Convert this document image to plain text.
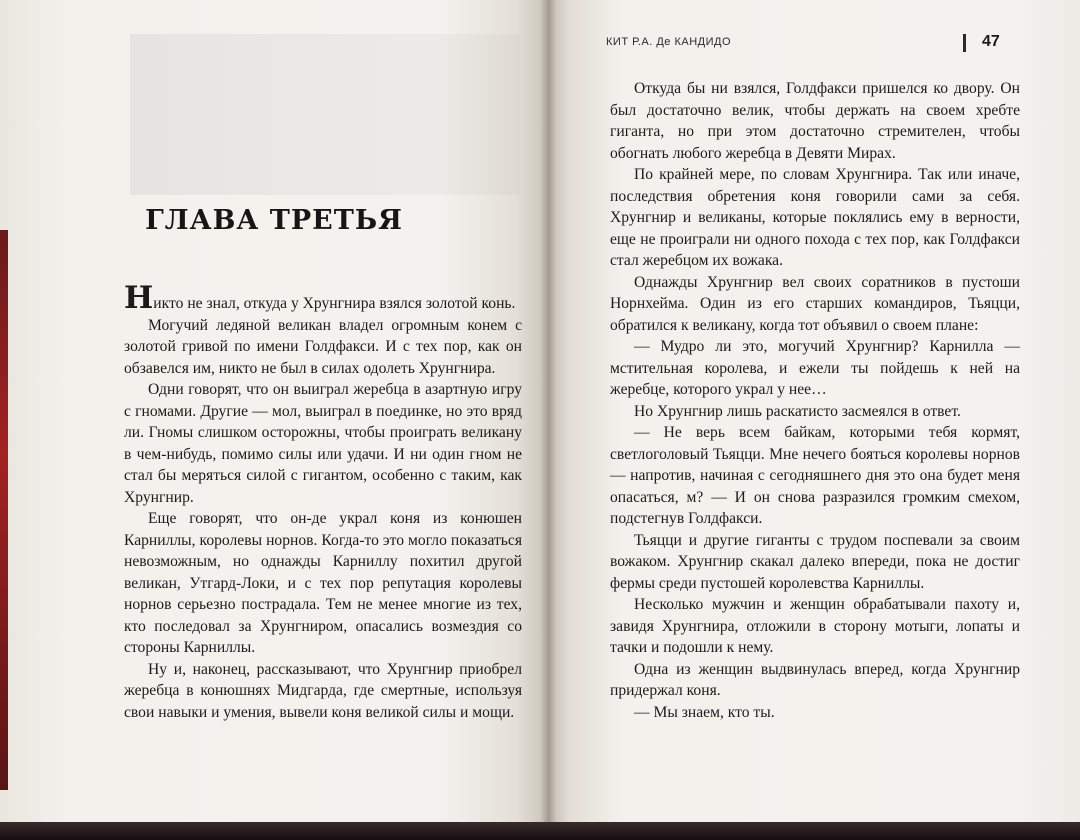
ГЛАВА ТРЕТЬЯ

Никто не знал, откуда у Хрунгнира взялся золотой конь.

Могучий ледяной великан владел огромным конем с золотой гривой по имени Голдфакси. И с тех пор, как он обзавелся им, никто не был в силах одолеть Хрунгнира.

Одни говорят, что он выиграл жеребца в азартную игру с гномами. Другие — мол, выиграл в поединке, но это вряд ли. Гномы слишком осторожны, чтобы проиграть великану в чем-нибудь, помимо силы или удачи. И ни один гном не стал бы меряться силой с гигантом, особенно с таким, как Хрунгнир.

Еще говорят, что он-де украл коня из конюшен Карниллы, королевы норнов. Когда-то это могло показаться невозможным, но однажды Карниллу похитил другой великан, Утгард-Локи, и с тех пор репутация королевы норнов серьезно пострадала. Тем не менее многие из тех, кто последовал за Хрунгниром, опасались возмездия со стороны Карниллы.

Ну и, наконец, рассказывают, что Хрунгнир приобрел жеребца в конюшнях Мидгарда, где смертные, используя свои навыки и умения, вывели коня великой силы и мощи.

КИТ Р.А. Де КАНДИДО	47

Откуда бы ни взялся, Голдфакси пришелся ко двору. Он был достаточно велик, чтобы держать на своем хребте гиганта, но при этом достаточно стремителен, чтобы обогнать любого жеребца в Девяти Мирах.

По крайней мере, по словам Хрунгнира. Так или иначе, последствия обретения коня говорили сами за себя. Хрунгнир и великаны, которые поклялись ему в верности, еще не проиграли ни одного похода с тех пор, как Голдфакси стал жеребцом их вожака.

Однажды Хрунгнир вел своих соратников в пустоши Норнхейма. Один из его старших командиров, Тьяцци, обратился к великану, когда тот объявил о своем плане:

— Мудро ли это, могучий Хрунгнир? Карнилла — мстительная королева, и ежели ты пойдешь к ней на жеребце, которого украл у нее…

Но Хрунгнир лишь раскатисто засмеялся в ответ.

— Не верь всем байкам, которыми тебя кормят, светлоголовый Тьяцци. Мне нечего бояться королевы норнов — напротив, начиная с сегодняшнего дня это она будет меня опасаться, м? — И он снова разразился громким смехом, подстегнув Голдфакси.

Тьяцци и другие гиганты с трудом поспевали за своим вожаком. Хрунгнир скакал далеко впереди, пока не достиг фермы среди пустошей королевства Карниллы.

Несколько мужчин и женщин обрабатывали пахоту и, завидя Хрунгнира, отложили в сторону мотыги, лопаты и тачки и подошли к нему.

Одна из женщин выдвинулась вперед, когда Хрунгнир придержал коня.

— Мы знаем, кто ты.
